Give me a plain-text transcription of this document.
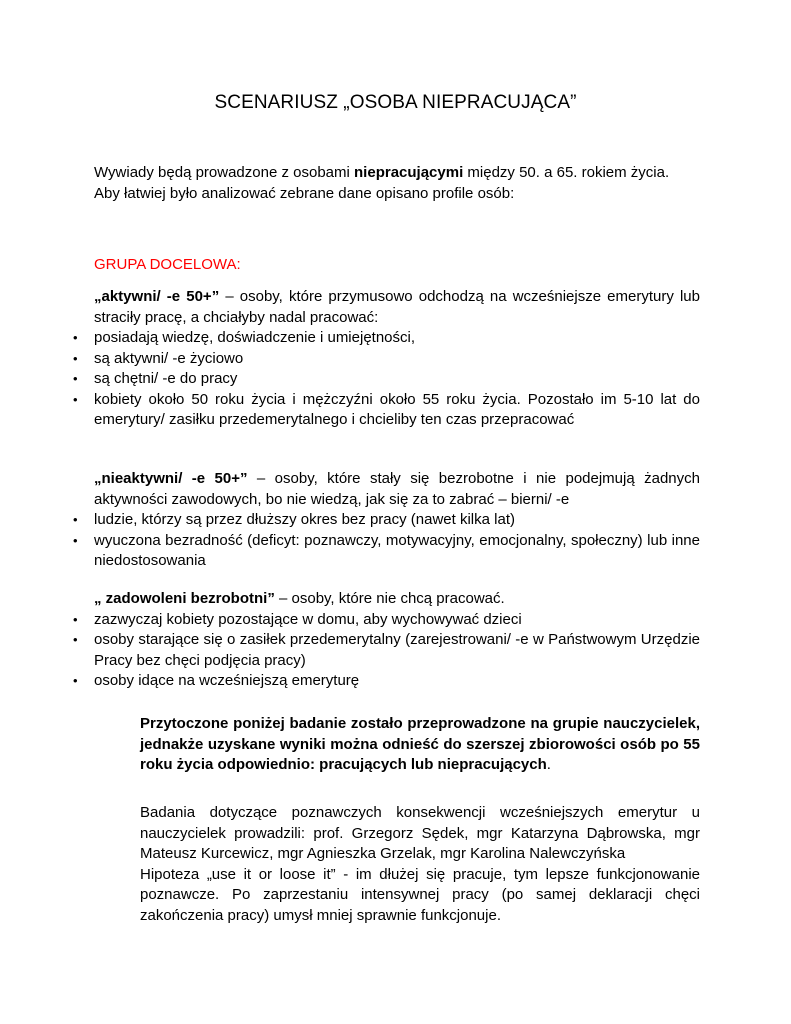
SCENARIUSZ „OSOBA NIEPRACUJĄCA”
Wywiady będą prowadzone z osobami niepracującymi między 50. a 65. rokiem życia.
Aby łatwiej było analizować zebrane dane opisano profile osób:
GRUPA DOCELOWA:
„aktywni/ -e 50+” – osoby, które przymusowo odchodzą na wcześniejsze emerytury lub straciły pracę, a chciałyby nadal pracować:
• posiadają wiedzę, doświadczenie i umiejętności,
• są aktywni/ -e życiowo
• są chętni/ -e do pracy
• kobiety około 50 roku życia i mężczyźni około 55 roku życia. Pozostało im 5-10 lat do emerytury/ zasiłku przedemerytalnego i chcieliby ten czas przepracować
„nieaktywni/ -e 50+” – osoby, które stały się bezrobotne i nie podejmują żadnych aktywności zawodowych, bo nie wiedzą, jak się za to zabrać – bierni/ -e
• ludzie, którzy są przez dłuższy okres bez pracy (nawet kilka lat)
• wyuczona bezradność (deficyt: poznawczy, motywacyjny, emocjonalny, społeczny) lub inne niedostosowania
„ zadowoleni bezrobotni” – osoby, które nie chcą pracować.
• zazwyczaj kobiety pozostające w domu, aby wychowywać dzieci
• osoby starające się o zasiłek przedemerytalny (zarejestrowani/ -e w Państwowym Urzędzie Pracy bez chęci podjęcia pracy)
• osoby idące na wcześniejszą emeryturę
Przytoczone poniżej badanie zostało przeprowadzone na grupie nauczycielek, jednakże uzyskane wyniki można odnieść do szerszej zbiorowości osób po 55 roku życia odpowiednio: pracujących lub niepracujących.
Badania dotyczące poznawczych konsekwencji wcześniejszych emerytur u nauczycielek prowadzili: prof. Grzegorz Sędek, mgr Katarzyna Dąbrowska, mgr Mateusz Kurcewicz, mgr Agnieszka Grzelak, mgr Karolina Nalewczyńska
Hipoteza „use it or loose it” - im dłużej się pracuje, tym lepsze funkcjonowanie poznawcze. Po zaprzestaniu intensywnej pracy (po samej deklaracji chęci zakończenia pracy) umysł mniej sprawnie funkcjonuje.
